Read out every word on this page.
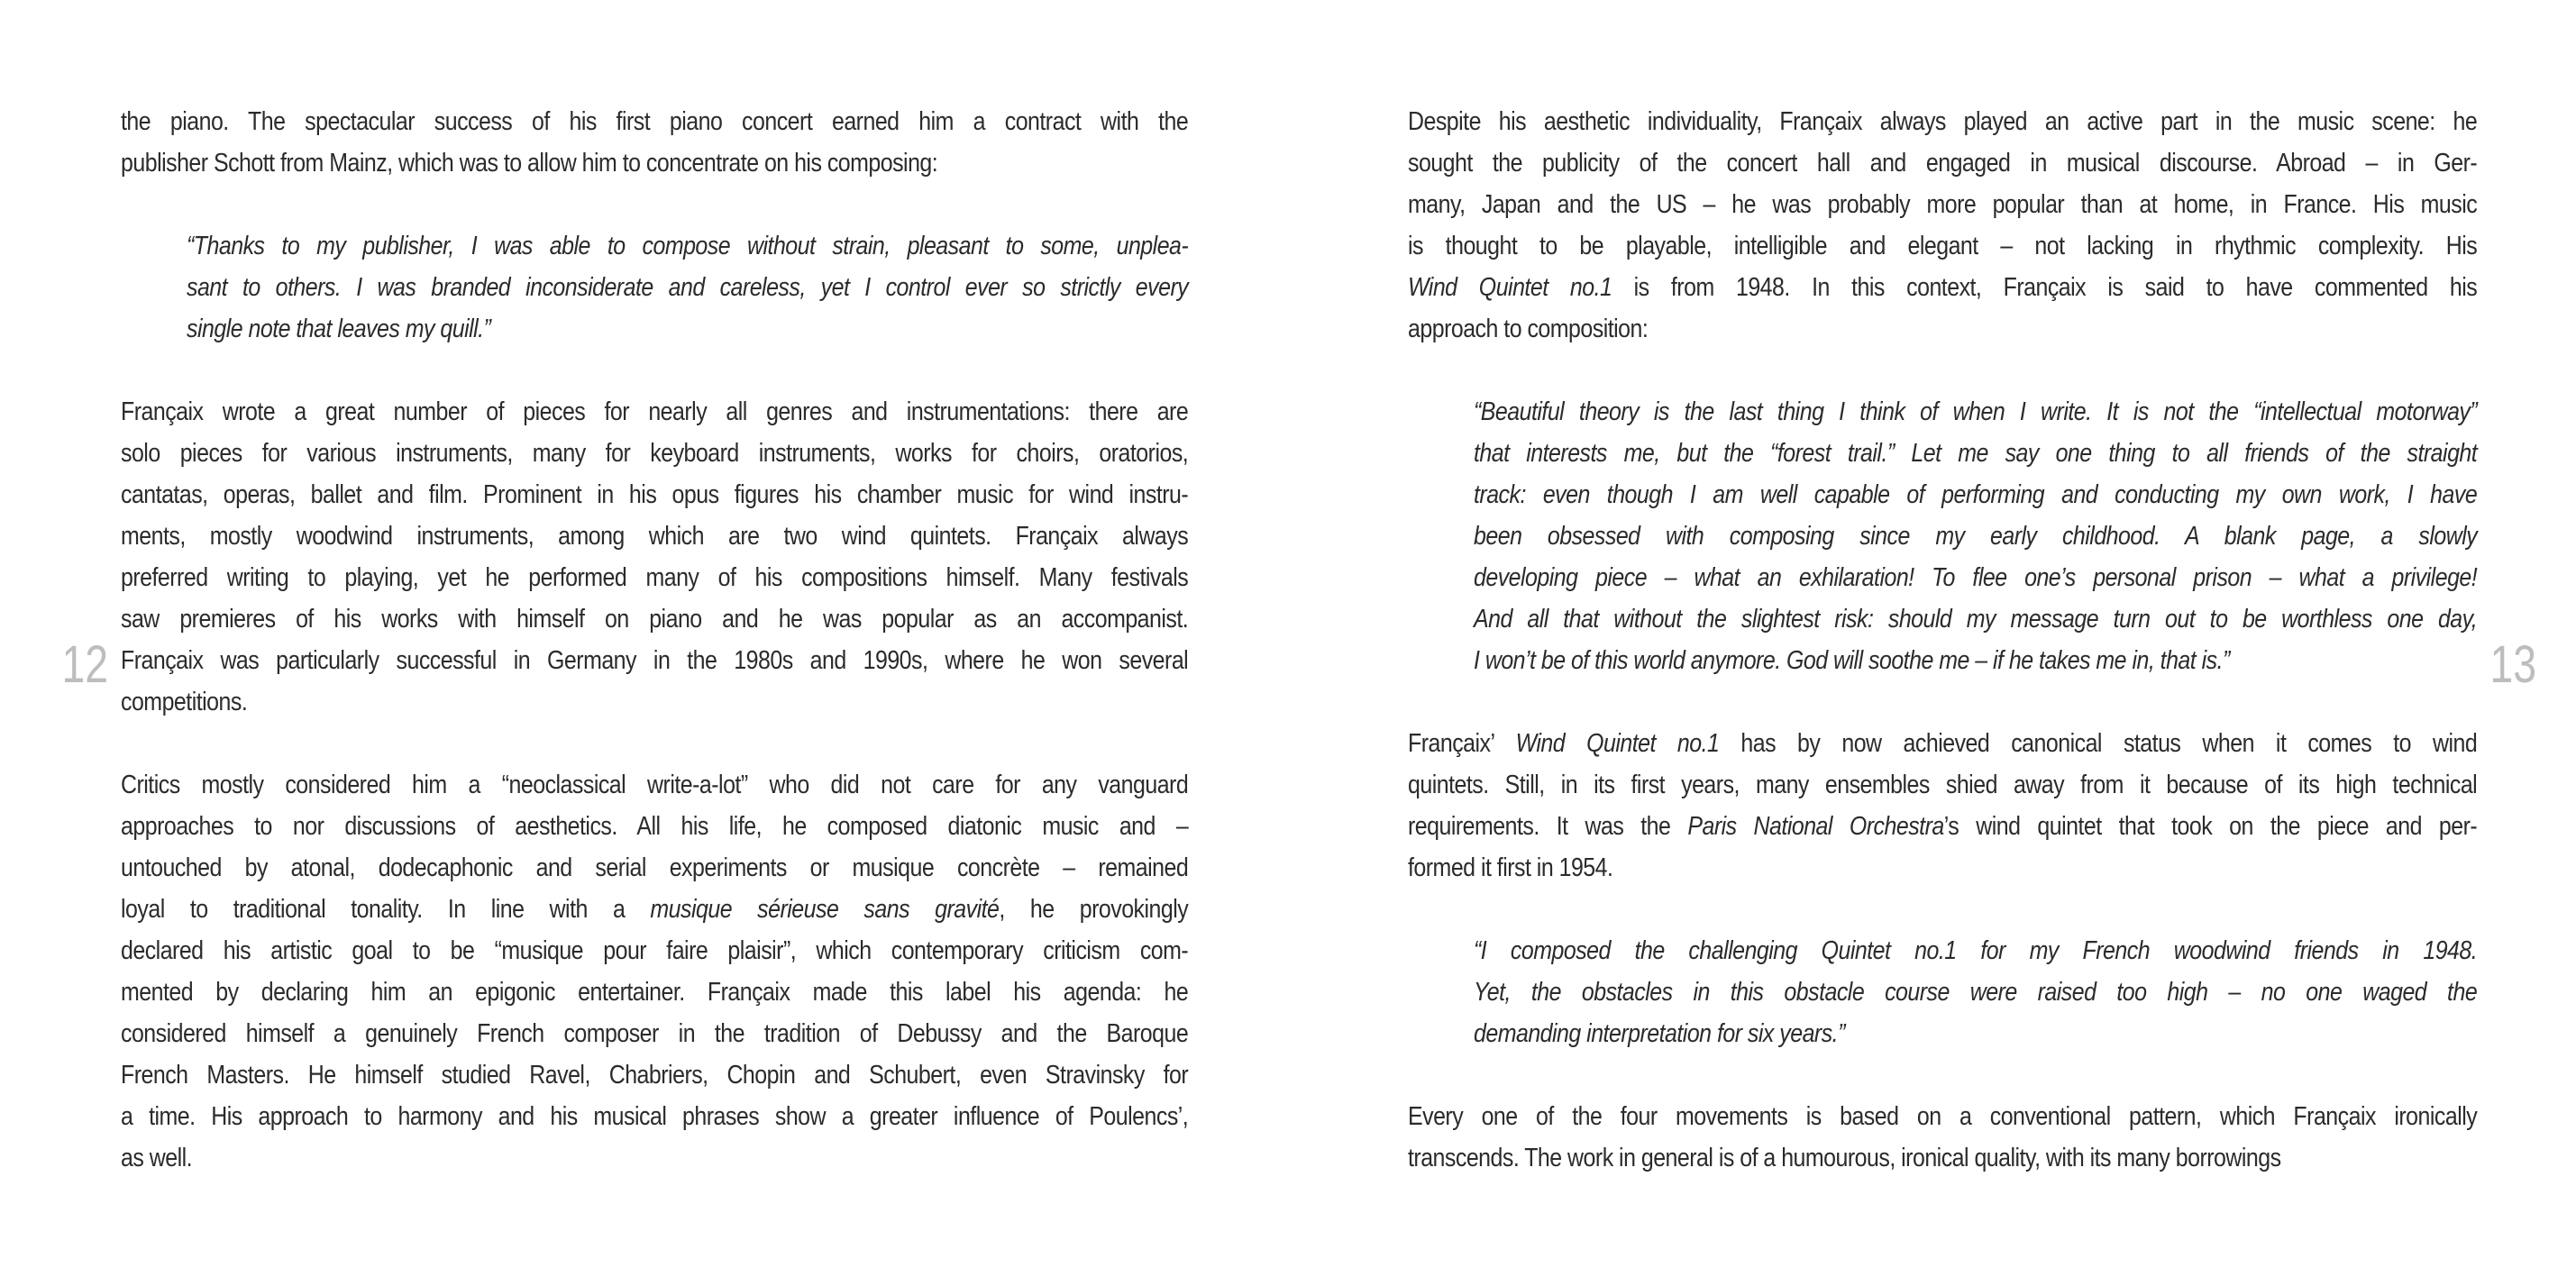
the piano. The spectacular success of his first piano concert earned him a contract with the
publisher Schott from Mainz, which was to allow him to concentrate on his composing:
“Thanks to my publisher, I was able to compose without strain, pleasant to some, unplea-
sant to others. I was branded inconsiderate and careless, yet I control ever so strictly every
single note that leaves my quill.”
Françaix wrote a great number of pieces for nearly all genres and instrumentations: there are
solo pieces for various instruments, many for keyboard instruments, works for choirs, oratorios,
cantatas, operas, ballet and film. Prominent in his opus figures his chamber music for wind instru-
ments, mostly woodwind instruments, among which are two wind quintets. Françaix always
preferred writing to playing, yet he performed many of his compositions himself. Many festivals
saw premieres of his works with himself on piano and he was popular as an accompanist.
Françaix was particularly successful in Germany in the 1980s and 1990s, where he won several
competitions.
Critics mostly considered him a “neoclassical write-a-lot” who did not care for any vanguard
approaches to nor discussions of aesthetics. All his life, he composed diatonic music and –
untouched by atonal, dodecaphonic and serial experiments or musique concrète – remained
loyal to traditional tonality. In line with a musique sérieuse sans gravité, he provokingly
declared his artistic goal to be “musique pour faire plaisir”, which contemporary criticism com-
mented by declaring him an epigonic entertainer. Françaix made this label his agenda: he
considered himself a genuinely French composer in the tradition of Debussy and the Baroque
French Masters. He himself studied Ravel, Chabriers, Chopin and Schubert, even Stravinsky for
a time. His approach to harmony and his musical phrases show a greater influence of Poulencs’,
as well.
12
Despite his aesthetic individuality, Françaix always played an active part in the music scene: he
sought the publicity of the concert hall and engaged in musical discourse. Abroad – in Ger-
many, Japan and the US – he was probably more popular than at home, in France. His music
is thought to be playable, intelligible and elegant – not lacking in rhythmic complexity. His
Wind Quintet no.1 is from 1948. In this context, Françaix is said to have commented his
approach to composition:
“Beautiful theory is the last thing I think of when I write. It is not the “intellectual motorway”
that interests me, but the “forest trail.” Let me say one thing to all friends of the straight
track: even though I am well capable of performing and conducting my own work, I have
been obsessed with composing since my early childhood. A blank page, a slowly
developing piece – what an exhilaration! To flee one’s personal prison – what a privilege!
And all that without the slightest risk: should my message turn out to be worthless one day,
I won’t be of this world anymore. God will soothe me – if he takes me in, that is.”
Françaix’ Wind Quintet no.1 has by now achieved canonical status when it comes to wind
quintets. Still, in its first years, many ensembles shied away from it because of its high technical
requirements. It was the Paris National Orchestra’s wind quintet that took on the piece and per-
formed it first in 1954.
“I composed the challenging Quintet no.1 for my French woodwind friends in 1948.
Yet, the obstacles in this obstacle course were raised too high – no one waged the
demanding interpretation for six years.”
Every one of the four movements is based on a conventional pattern, which Françaix ironically
transcends. The work in general is of a humourous, ironical quality, with its many borrowings
13
